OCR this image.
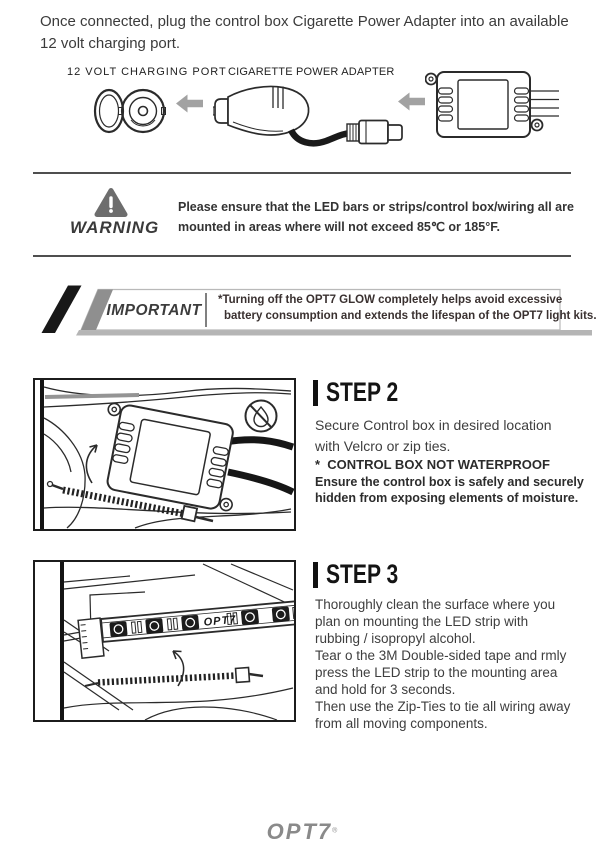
Once connected, plug the control box Cigarette Power Adapter into an available 12 volt charging port.
12 VOLT CHARGING PORT CIGARETTE POWER ADAPTER
WARNING
Please ensure that the LED bars or strips/control box/wiring all are
mounted in areas where will not exceed 85℃ or 185°F.
IMPORTANT
*Turning off the OPT7 GLOW completely helps avoid excessive
battery consumption and extends the lifespan of the OPT7 light kits.
STEP 2
Secure Control box in desired location
with Velcro or zip ties.
*  CONTROL BOX NOT WATERPROOF
Ensure the control box is safely and securely
hidden from exposing elements of moisture.
OPT7
STEP 3
Thoroughly clean the surface where you
plan on mounting the LED strip with
rubbing / isopropyl alcohol.
Tear o the 3M Double-sided tape and rmly
press the LED strip to the mounting area
and hold for 3 seconds.
Then use the Zip-Ties to tie all wiring away
from all moving components.
OPT7®
